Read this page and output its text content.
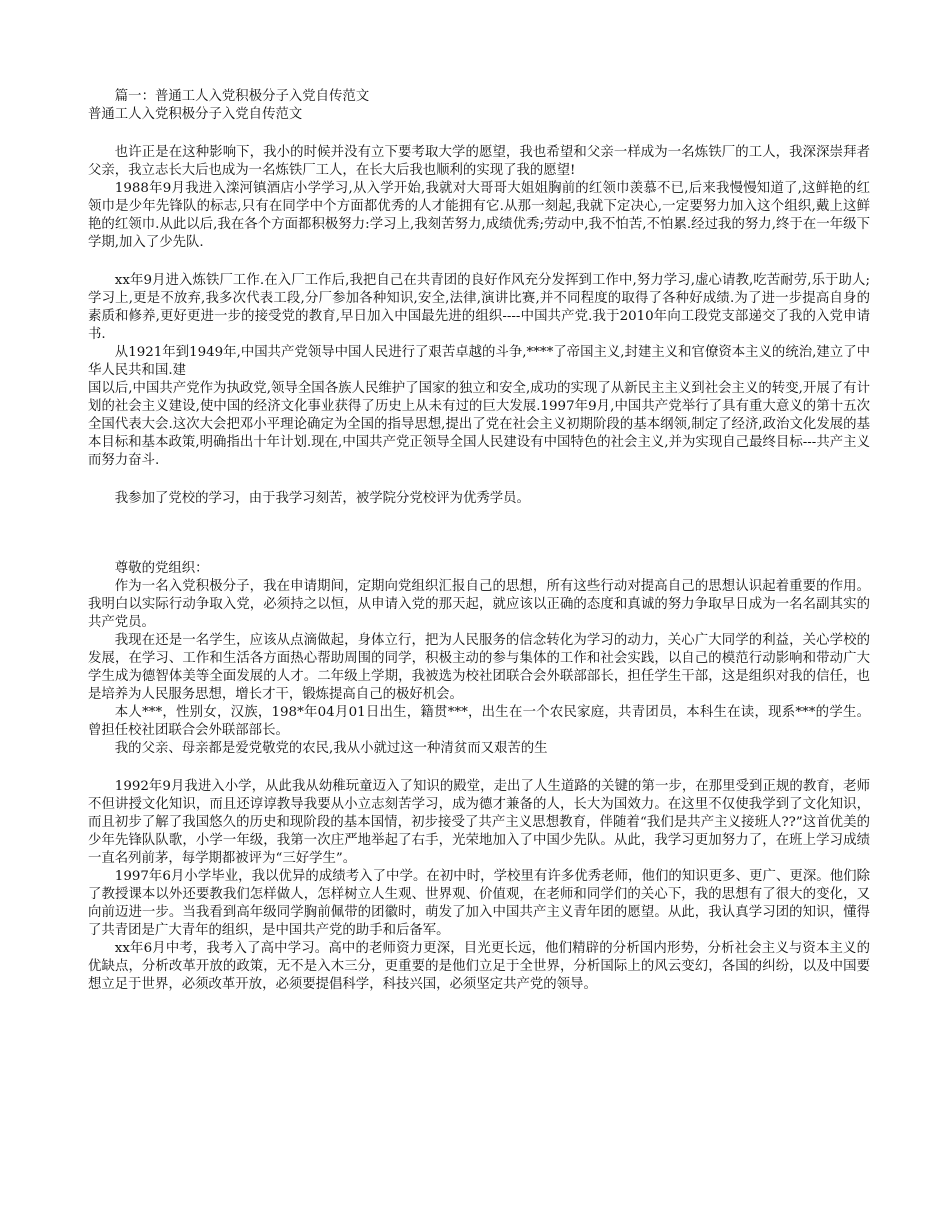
篇一：普通工人入党积极分子入党自传范文

普通工人入党积极分子入党自传范文

也许正是在这种影响下，我小的时候并没有立下要考取大学的愿望，我也希望和父亲一样成为一名炼铁厂的工人，我深深崇拜者父亲，我立志长大后也成为一名炼铁厂工人，在长大后我也顺利的实现了我的愿望!

1988年9月我进入滦河镇酒店小学学习,从入学开始,我就对大哥哥大姐姐胸前的红领巾羡慕不已,后来我慢慢知道了,这鲜艳的红领巾是少年先锋队的标志,只有在同学中个方面都优秀的人才能拥有它.从那一刻起,我就下定决心,一定要努力加入这个组织,戴上这鲜艳的红领巾.从此以后,我在各个方面都积极努力:学习上,我刻苦努力,成绩优秀;劳动中,我不怕苦,不怕累.经过我的努力,终于在一年级下学期,加入了少先队.

xx年9月进入炼铁厂工作.在入厂工作后,我把自己在共青团的良好作风充分发挥到工作中,努力学习,虚心请教,吃苦耐劳,乐于助人;学习上,更是不放弃,我多次代表工段,分厂参加各种知识,安全,法律,演讲比赛,并不同程度的取得了各种好成绩.为了进一步提高自身的素质和修养,更好更进一步的接受党的教育,早日加入中国最先进的组织----中国共产党.我于2010年向工段党支部递交了我的入党申请书.

从1921年到1949年,中国共产党领导中国人民进行了艰苦卓越的斗争,****了帝国主义,封建主义和官僚资本主义的统治,建立了中华人民共和国.建

国以后,中国共产党作为执政党,领导全国各族人民维护了国家的独立和安全,成功的实现了从新民主主义到社会主义的转变,开展了有计划的社会主义建设,使中国的经济文化事业获得了历史上从未有过的巨大发展.1997年9月,中国共产党举行了具有重大意义的第十五次全国代表大会.这次大会把邓小平理论确定为全国的指导思想,提出了党在社会主义初期阶段的基本纲领,制定了经济,政治文化发展的基本目标和基本政策,明确指出十年计划.现在,中国共产党正领导全国人民建设有中国特色的社会主义,并为实现自己最终目标---共产主义而努力奋斗.

我参加了党校的学习，由于我学习刻苦，被学院分党校评为优秀学员。

尊敬的党组织：

作为一名入党积极分子，我在申请期间，定期向党组织汇报自己的思想，所有这些行动对提高自己的思想认识起着重要的作用。我明白以实际行动争取入党，必须持之以恒，从申请入党的那天起，就应该以正确的态度和真诚的努力争取早日成为一名名副其实的共产党员。

我现在还是一名学生，应该从点滴做起，身体立行，把为人民服务的信念转化为学习的动力，关心广大同学的利益，关心学校的发展，在学习、工作和生活各方面热心帮助周围的同学，积极主动的参与集体的工作和社会实践，以自己的模范行动影响和带动广大学生成为德智体美等全面发展的人才。二年级上学期，我被选为校社团联合会外联部部长，担任学生干部，这是组织对我的信任，也是培养为人民服务思想，增长才干，锻炼提高自己的极好机会。

本人***，性别女，汉族，198*年04月01日出生，籍贯***，出生在一个农民家庭，共青团员，本科生在读，现系***的学生。曾担任校社团联合会外联部部长。

我的父亲、母亲都是爱党敬党的农民,我从小就过这一种清贫而又艰苦的生

1992年9月我进入小学，从此我从幼稚玩童迈入了知识的殿堂，走出了人生道路的关键的第一步，在那里受到正规的教育，老师不但讲授文化知识，而且还谆谆教导我要从小立志刻苦学习，成为德才兼备的人，长大为国效力。在这里不仅使我学到了文化知识，而且初步了解了我国悠久的历史和现阶段的基本国情，初步接受了共产主义思想教育，伴随着“我们是共产主义接班人??”这首优美的少年先锋队队歌，小学一年级，我第一次庄严地举起了右手，光荣地加入了中国少先队。从此，我学习更加努力了，在班上学习成绩一直名列前茅，每学期都被评为“三好学生”。

1997年6月小学毕业，我以优异的成绩考入了中学。在初中时，学校里有许多优秀老师，他们的知识更多、更广、更深。他们除了教授课本以外还要教我们怎样做人，怎样树立人生观、世界观、价值观，在老师和同学们的关心下，我的思想有了很大的变化，又向前迈进一步。当我看到高年级同学胸前佩带的团徽时，萌发了加入中国共产主义青年团的愿望。从此，我认真学习团的知识，懂得了共青团是广大青年的组织，是中国共产党的助手和后备军。

xx年6月中考，我考入了高中学习。高中的老师资力更深，目光更长远，他们精辟的分析国内形势，分析社会主义与资本主义的优缺点，分析改革开放的政策，无不是入木三分，更重要的是他们立足于全世界，分析国际上的风云变幻，各国的纠纷，以及中国要想立足于世界，必须改革开放，必须要提倡科学，科技兴国，必须坚定共产党的领导。
